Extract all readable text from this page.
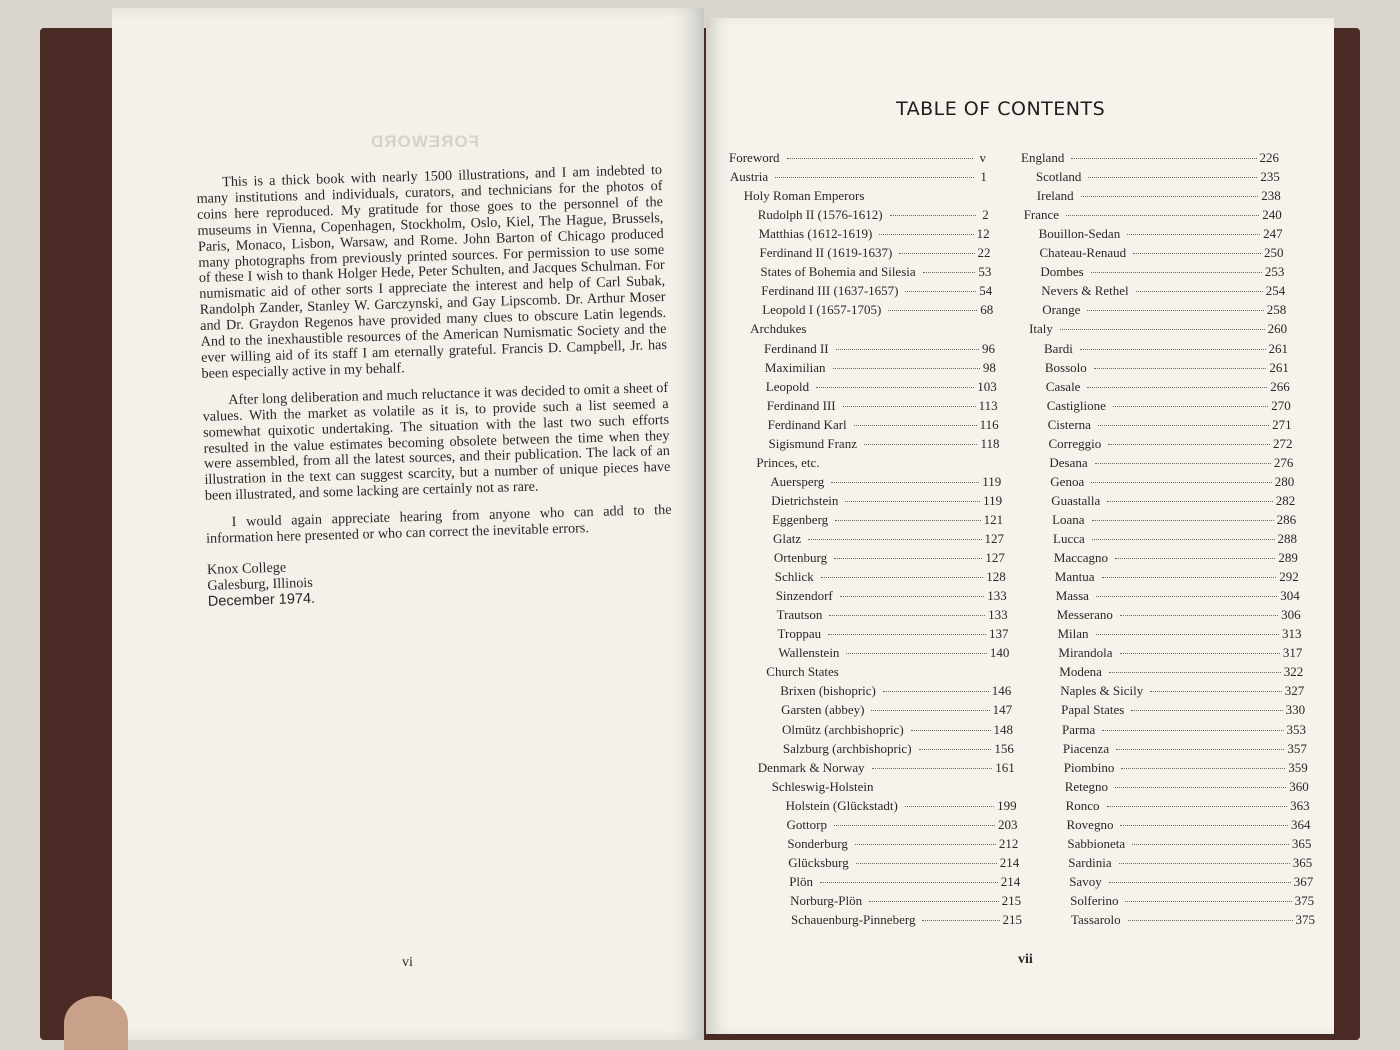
FOREWORD

This is a thick book with nearly 1500 illustrations, and I am indebted to many institutions and individuals, curators, and technicians for the photos of coins here reproduced. My gratitude for those goes to the personnel of the museums in Vienna, Copenhagen, Stockholm, Oslo, Kiel, The Hague, Brussels, Paris, Monaco, Lisbon, Warsaw, and Rome. John Barton of Chicago produced many photographs from previously printed sources. For permission to use some of these I wish to thank Holger Hede, Peter Schulten, and Jacques Schulman. For numismatic aid of other sorts I appreciate the interest and help of Carl Subak, Randolph Zander, Stanley W. Garczynski, and Gay Lipscomb. Dr. Arthur Moser and Dr. Graydon Regenos have provided many clues to obscure Latin legends. And to the inexhaustible resources of the American Numismatic Society and the ever willing aid of its staff I am eternally grateful. Francis D. Campbell, Jr. has been especially active in my behalf.

After long deliberation and much reluctance it was decided to omit a sheet of values. With the market as volatile as it is, to provide such a list seemed a somewhat quixotic undertaking. The situation with the last two such efforts resulted in the value estimates becoming obsolete between the time when they were assembled, from all the latest sources, and their publication. The lack of an illustration in the text can suggest scarcity, but a number of unique pieces have been illustrated, and some lacking are certainly not as rare.

I would again appreciate hearing from anyone who can add to the information here presented or who can correct the inevitable errors.

Knox College
Galesburg, Illinois
December 1974.
vi
TABLE OF CONTENTS
Foreword	v
Austria	1
Holy Roman Emperors
Rudolph II (1576-1612)	2
Matthias (1612-1619)	12
Ferdinand II (1619-1637)	22
States of Bohemia and Silesia	53
Ferdinand III (1637-1657)	54
Leopold I (1657-1705)	68
Archdukes
Ferdinand II	96
Maximilian	98
Leopold	103
Ferdinand III	113
Ferdinand Karl	116
Sigismund Franz	118
Princes, etc.
Auersperg	119
Dietrichstein	119
Eggenberg	121
Glatz	127
Ortenburg	127
Schlick	128
Sinzendorf	133
Trautson	133
Troppau	137
Wallenstein	140
Church States
Brixen (bishopric)	146
Garsten (abbey)	147
Olmütz (archbishopric)	148
Salzburg (archbishopric)	156
Denmark & Norway	161
Schleswig-Holstein
Holstein (Glückstadt)	199
Gottorp	203
Sonderburg	212
Glücksburg	214
Plön	214
Norburg-Plön	215
Schauenburg-Pinneberg	215
England	226
Scotland	235
Ireland	238
France	240
Bouillon-Sedan	247
Chateau-Renaud	250
Dombes	253
Nevers & Rethel	254
Orange	258
Italy	260
Bardi	261
Bossolo	261
Casale	266
Castiglione	270
Cisterna	271
Correggio	272
Desana	276
Genoa	280
Guastalla	282
Loana	286
Lucca	288
Maccagno	289
Mantua	292
Massa	304
Messerano	306
Milan	313
Mirandola	317
Modena	322
Naples & Sicily	327
Papal States	330
Parma	353
Piacenza	357
Piombino	359
Retegno	360
Ronco	363
Rovegno	364
Sabbioneta	365
Sardinia	365
Savoy	367
Solferino	375
Tassarolo	375
vii
